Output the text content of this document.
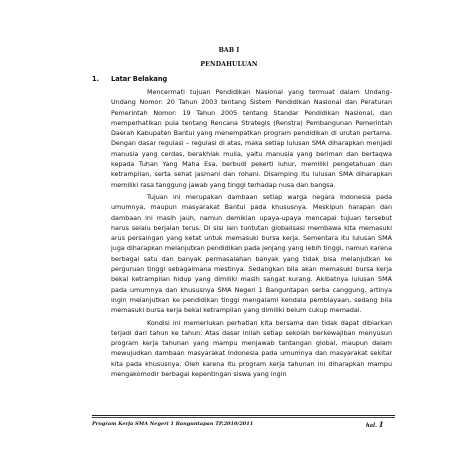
BAB I
PENDAHULUAN
1. Latar Belakang

Mencermati tujuan Pendidikan Nasional yang termuat dalam Undang-Undang Nomor: 20 Tahun 2003 tentang Sistem Pendidikan Nasional dan Peraturan Pemerintah Nomor: 19 Tahun 2005 tentang Standar Pendidikan Nasional, dan memperhatikan pula tentang Rencana Strategis (Renstra) Pembangunan Pemerintah Daerah Kabupaten Bantul yang menempatkan program pendidikan di urutan pertama. Dengan dasar regulasi – regulasi di atas, maka setiap lulusan SMA diharapkan menjadi manusia yang cerdas, berakhlak mulia, yaitu manusia yang beriman dan bertaqwa kepada Tuhan Yang Maha Esa, berbudi pekerti luhur, memiliki pengetahuan dan ketrampilan, serta sehat jasmani dan rohani. Disamping itu lulusan SMA diharapkan memiliki rasa tanggung jawab yang tinggi terhadap nusa dan bangsa.

Tujuan ini merupakan dambaan setiap warga negara Indonesia pada umumnya, maupun masyarakat Bantul pada khususnya. Meskipun harapan dan dambaan ini masih jauh, namun demikian upaya-upaya mencapai tujuan tersebut harus selalu berjalan terus. Di sisi lain tuntutan globalisasi membawa kita memasuki arus persaingan yang ketat untuk memasuki bursa kerja. Sementara itu lulusan SMA juga diharapkan melanjutkan pendidikan pada jenjang yang lebih tinggi, namun karena berbagai satu dan banyak permasalahan banyak yang tidak bisa melanjutkan ke perguruan tinggi sebagaimana mestinya. Sedangkan bila akan memasuki bursa kerja bekal ketrampilan hidup yang dimiliki masih sangat kurang. Akibatnya lulusan SMA pada umumnya dan khususnya SMA Negeri 1 Banguntapan serba canggung, artinya ingin melanjutkan ke pendidikan tinggi mengalami kendala pembiayaan, sedang bila memasuki bursa kerja bekal ketrampilan yang dimiliki belum cukup memadai.

Kondisi ini memerlukan perhatian kita bersama dan tidak dapat dibiarkan terjadi dari tahun ke tahun. Atas dasar inilah setiap sekolah berkewajiban menyusun program kerja tahunan yang mampu menjawab tantangan global, maupun dalam mewujudkan dambaan masyarakat Indonesia pada umumnya dan masyarakat sekitar kita pada khususnya. Oleh karena itu program kerja tahunan ini diharapkan mampu mengakomodir berbagai kepentingan siswa yang ingin

Program Kerja SMA Negeri 1 Banguntapan TP.2010/2011	hal. 1
